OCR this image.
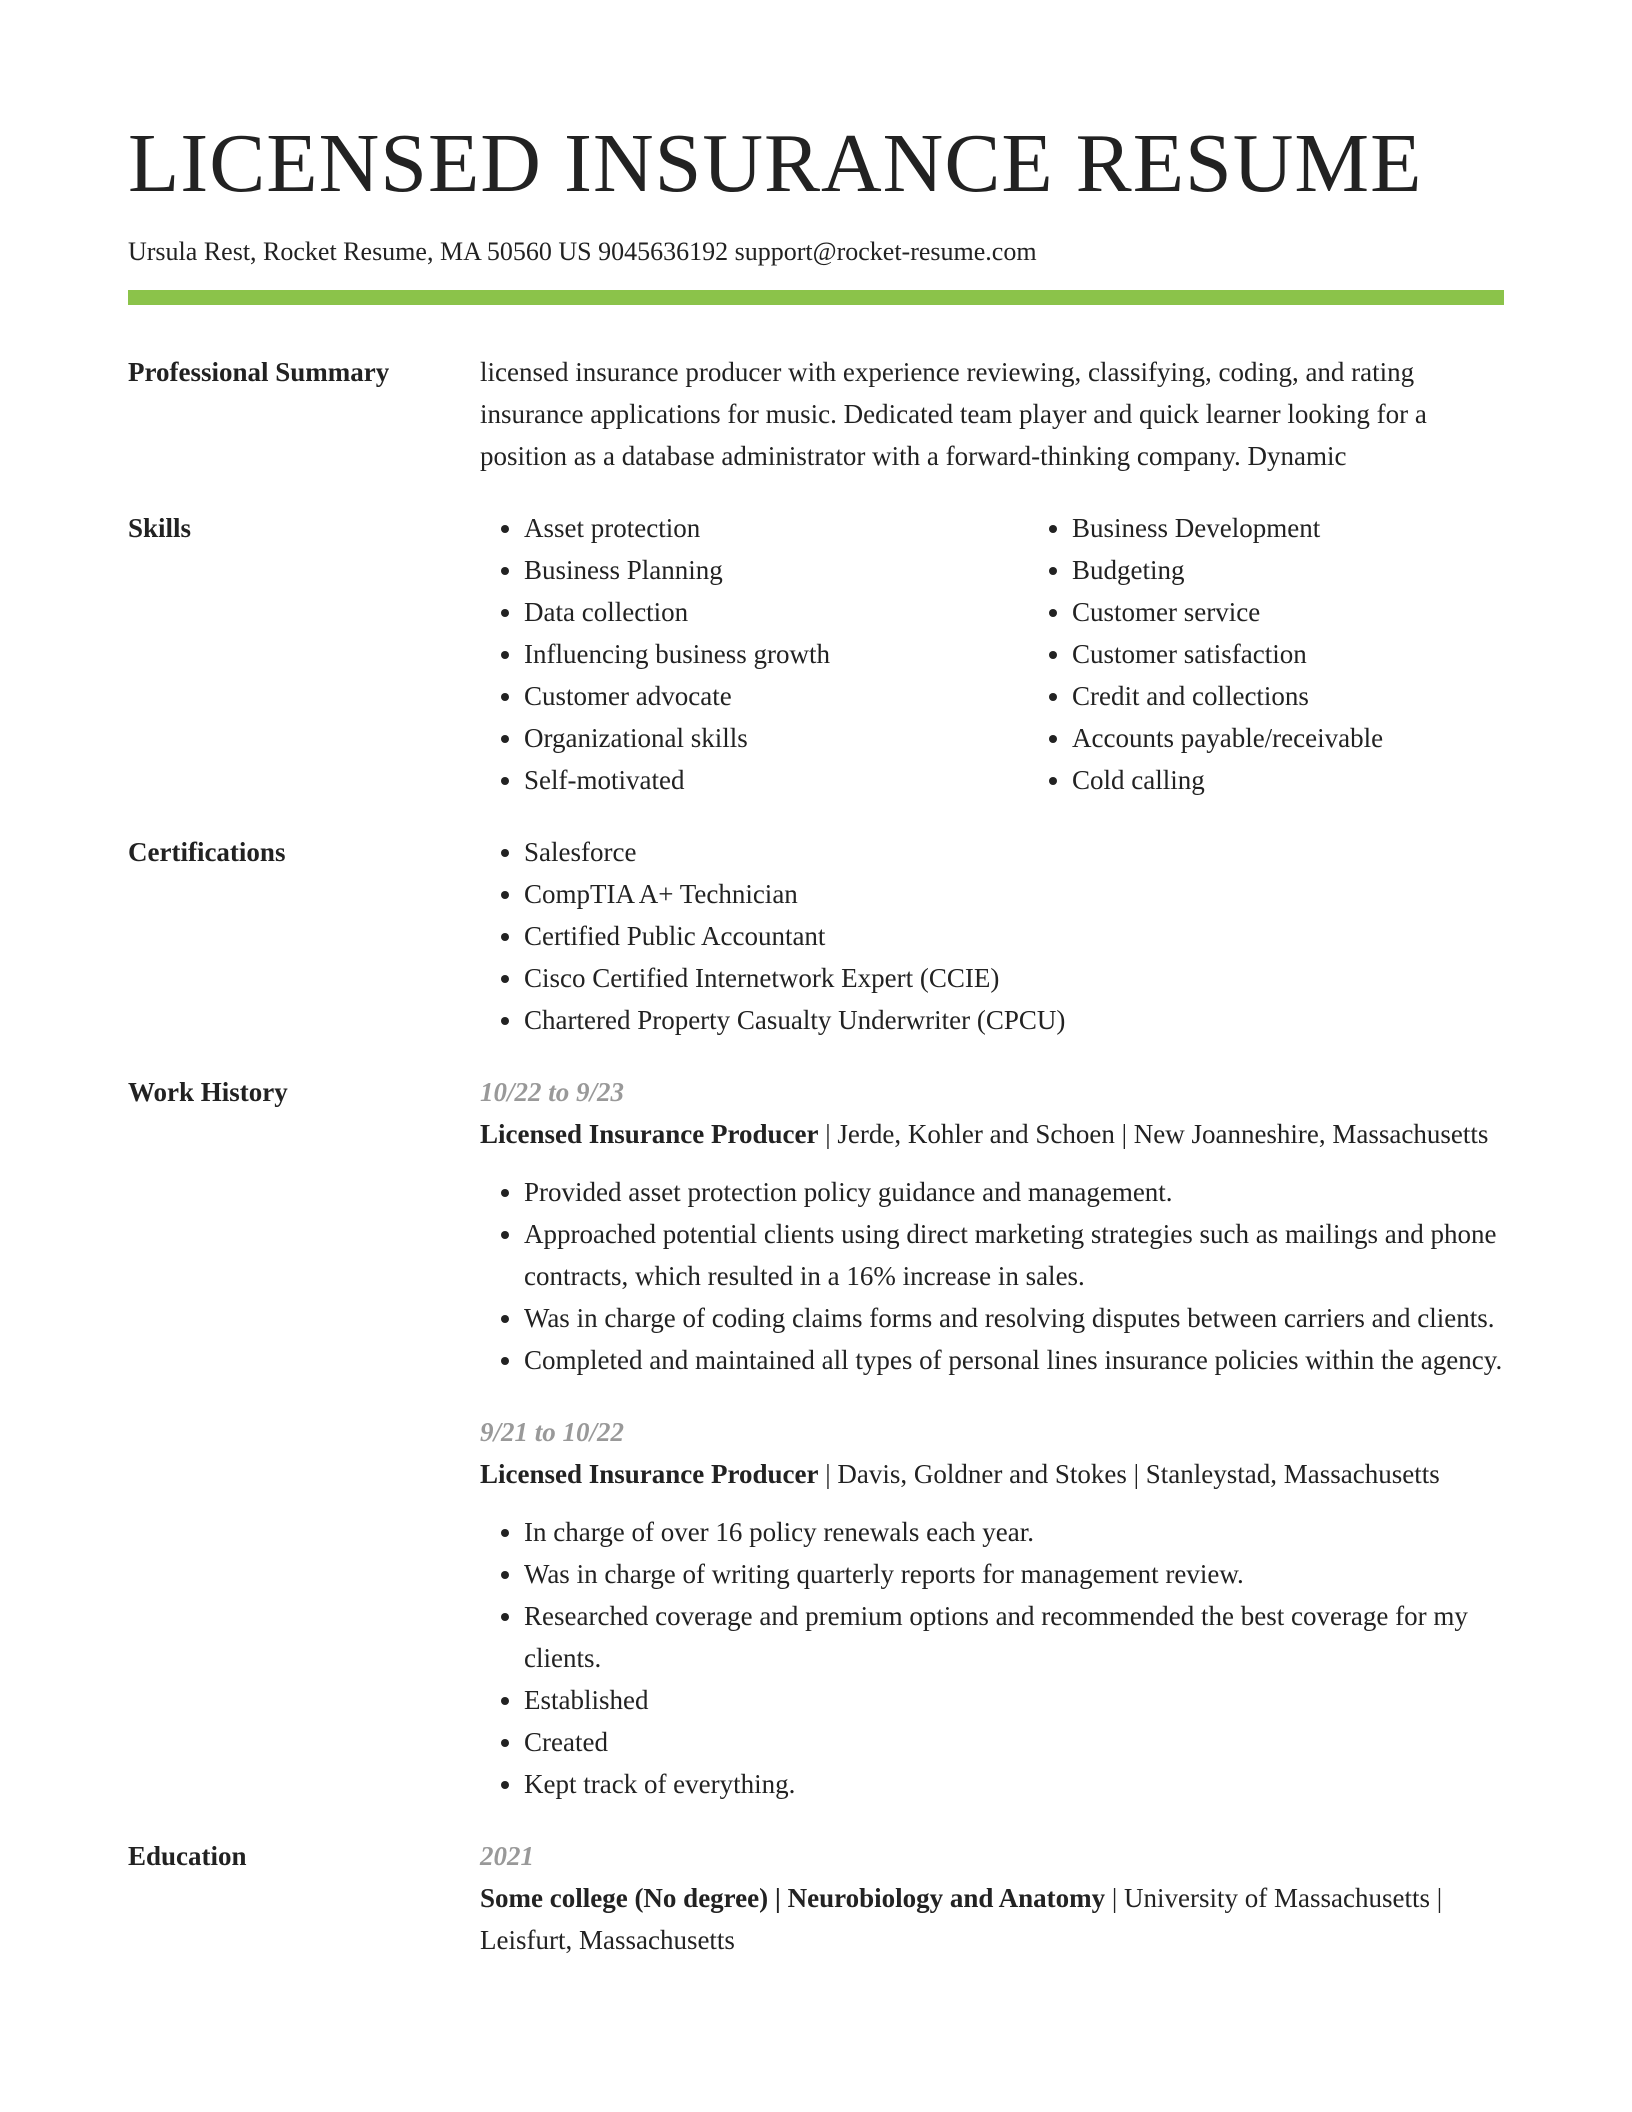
LICENSED INSURANCE RESUME
Ursula Rest, Rocket Resume, MA 50560 US 9045636192 support@rocket-resume.com
Professional Summary	licensed insurance producer with experience reviewing, classifying, coding, and rating insurance applications for music. Dedicated team player and quick learner looking for a position as a database administrator with a forward-thinking company. Dynamic

Skills	• Asset protection
• Business Planning
• Data collection
• Influencing business growth
• Customer advocate
• Organizational skills
• Self-motivated
• Business Development
• Budgeting
• Customer service
• Customer satisfaction
• Credit and collections
• Accounts payable/receivable
• Cold calling
Certifications	• Salesforce
• CompTIA A+ Technician
• Certified Public Accountant
• Cisco Certified Internetwork Expert (CCIE)
• Chartered Property Casualty Underwriter (CPCU)
Work History	10/22 to 9/23
Licensed Insurance Producer | Jerde, Kohler and Schoen | New Joanneshire, Massachusetts
• Provided asset protection policy guidance and management.
• Approached potential clients using direct marketing strategies such as mailings and phone contracts, which resulted in a 16% increase in sales.
• Was in charge of coding claims forms and resolving disputes between carriers and clients.
• Completed and maintained all types of personal lines insurance policies within the agency.
9/21 to 10/22
Licensed Insurance Producer | Davis, Goldner and Stokes | Stanleystad, Massachusetts
• In charge of over 16 policy renewals each year.
• Was in charge of writing quarterly reports for management review.
• Researched coverage and premium options and recommended the best coverage for my clients.
• Established
• Created
• Kept track of everything.
Education	2021
Some college (No degree) | Neurobiology and Anatomy | University of Massachusetts | Leisfurt, Massachusetts
